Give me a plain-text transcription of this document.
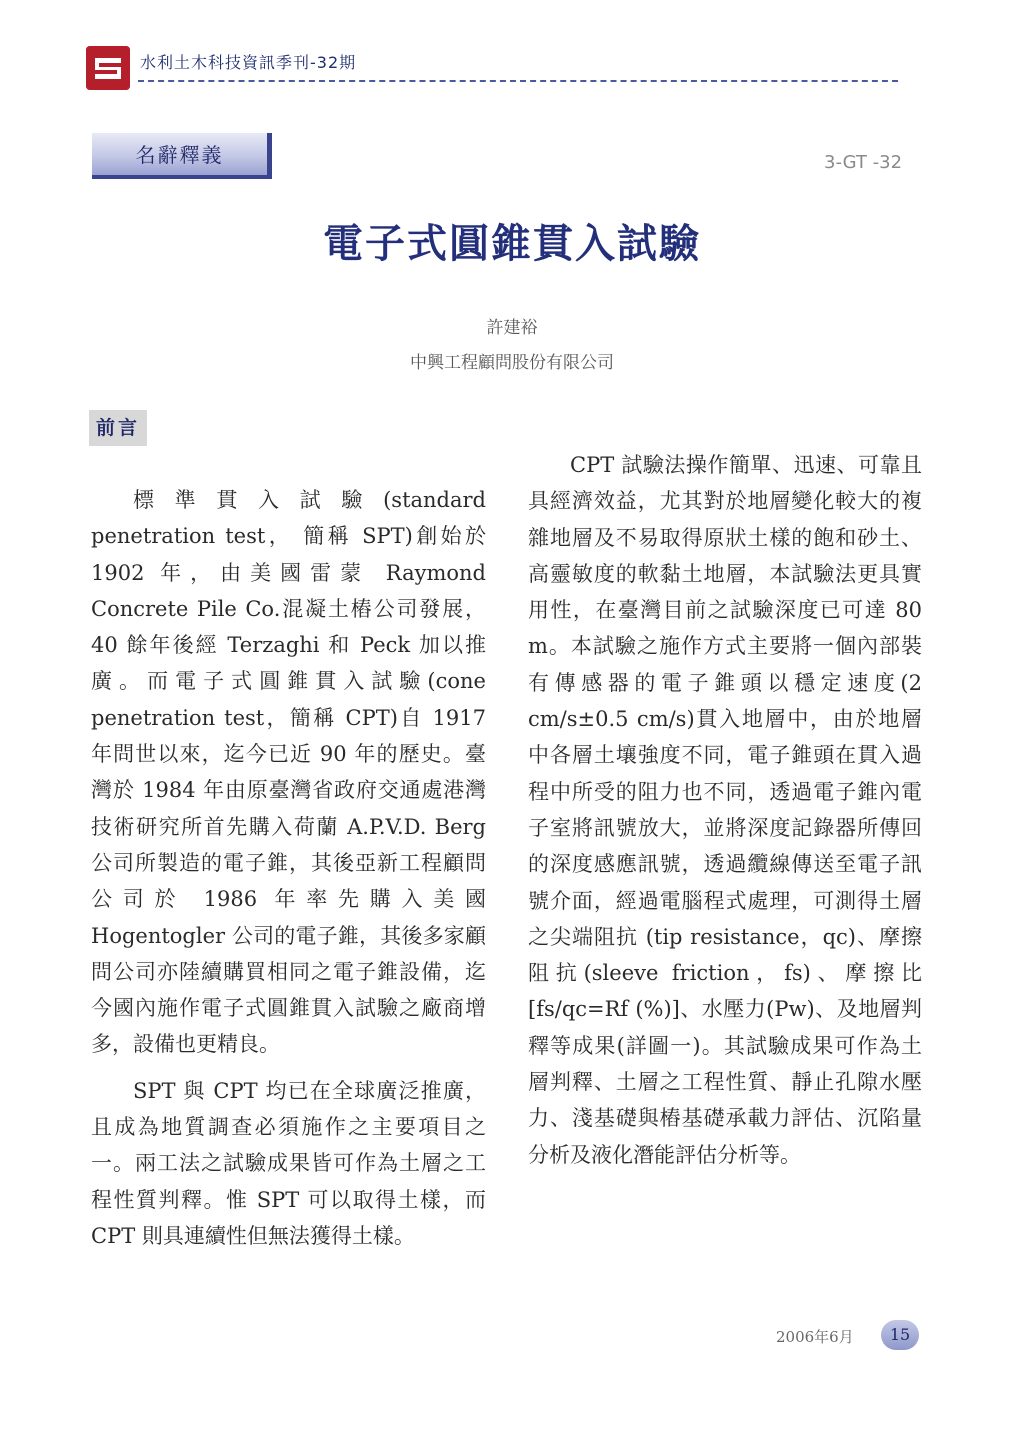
水利土木科技資訊季刊-32期
名辭釋義	3-GT -32
電子式圓錐貫入試驗
許建裕
中興工程顧問股份有限公司
前言

標準貫入試驗(standard penetration test， 簡稱 SPT)創始於 1902 年，由美國雷蒙 Raymond Concrete Pile Co.混凝土樁公司發展，40 餘年後經 Terzaghi 和 Peck 加以推廣。而電子式圓錐貫入試驗(cone penetration test，簡稱 CPT)自 1917 年問世以來，迄今已近 90 年的歷史。臺灣於 1984 年由原臺灣省政府交通處港灣技術研究所首先購入荷蘭 A.P.V.D. Berg 公司所製造的電子錐，其後亞新工程顧問公司於 1986 年率先購入美國 Hogentogler 公司的電子錐，其後多家顧問公司亦陸續購買相同之電子錐設備，迄今國內施作電子式圓錐貫入試驗之廠商增多，設備也更精良。

SPT 與 CPT 均已在全球廣泛推廣，且成為地質調查必須施作之主要項目之一。兩工法之試驗成果皆可作為土層之工程性質判釋。惟 SPT 可以取得土樣，而 CPT 則具連續性但無法獲得土樣。

CPT 試驗法操作簡單、迅速、可靠且具經濟效益，尤其對於地層變化較大的複雜地層及不易取得原狀土樣的飽和砂土、高靈敏度的軟黏土地層，本試驗法更具實用性，在臺灣目前之試驗深度已可達 80 m。本試驗之施作方式主要將一個內部裝有傳感器的電子錐頭以穩定速度(2 cm/s±0.5 cm/s)貫入地層中，由於地層中各層土壤強度不同，電子錐頭在貫入過程中所受的阻力也不同，透過電子錐內電子室將訊號放大，並將深度記錄器所傳回的深度感應訊號，透過纜線傳送至電子訊號介面，經過電腦程式處理，可測得土層之尖端阻抗 (tip resistance，qc)、摩擦阻抗(sleeve friction，fs)、摩擦比[fs/qc=Rf (%)]、水壓力(Pw)、及地層判釋等成果(詳圖一)。其試驗成果可作為土層判釋、土層之工程性質、靜止孔隙水壓力、淺基礎與樁基礎承載力評估、沉陷量分析及液化潛能評估分析等。

2006年6月	15
